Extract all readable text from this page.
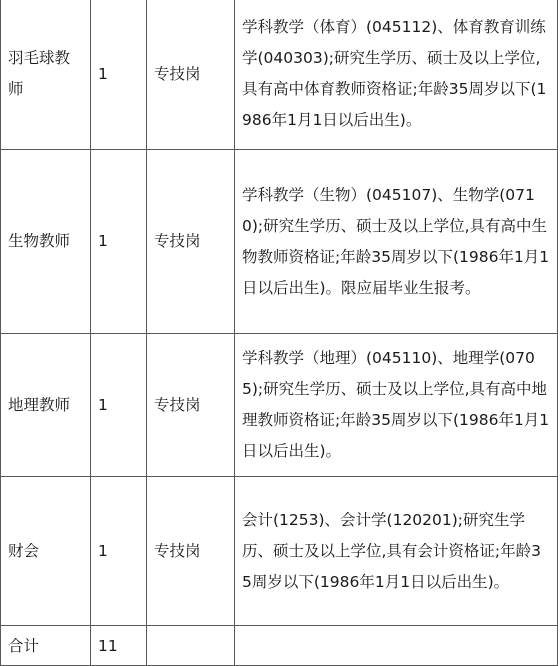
羽毛球教师	1	专技岗	学科教学（体育）(045112)、体育教育训练学(040303);研究生学历、硕士及以上学位,具有高中体育教师资格证;年龄35周岁以下(1986年1月1日以后出生)。
生物教师	1	专技岗	学科教学（生物）(045107)、生物学(0710);研究生学历、硕士及以上学位,具有高中生物教师资格证;年龄35周岁以下(1986年1月1日以后出生)。限应届毕业生报考。
地理教师	1	专技岗	学科教学（地理）(045110)、地理学(0705);研究生学历、硕士及以上学位,具有高中地理教师资格证;年龄35周岁以下(1986年1月1日以后出生)。
财会	1	专技岗	会计(1253)、会计学(120201);研究生学历、硕士及以上学位,具有会计资格证;年龄35周岁以下(1986年1月1日以后出生)。
合计	11		
